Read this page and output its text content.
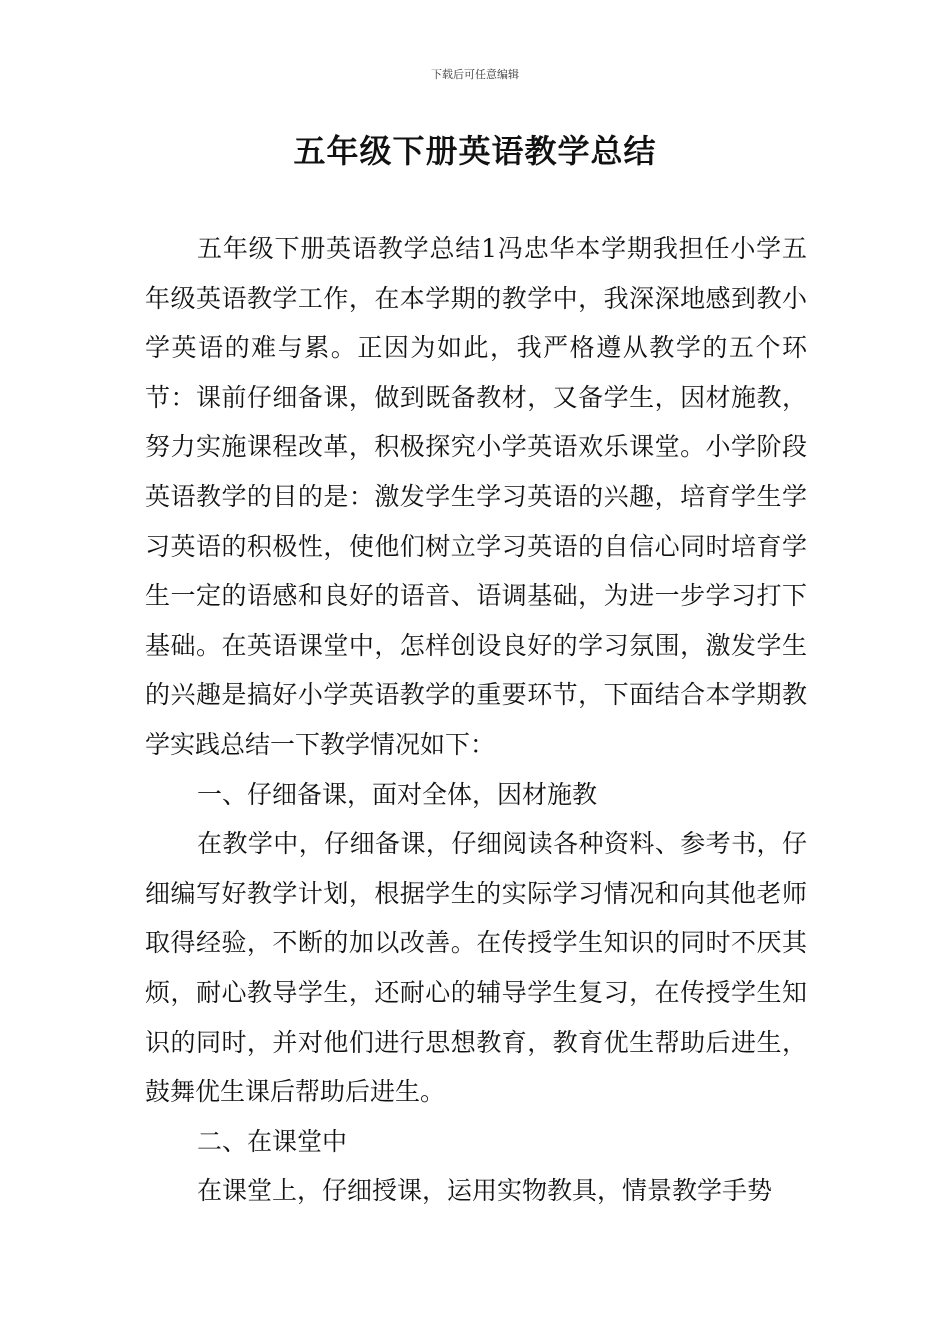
下载后可任意编辑
五年级下册英语教学总结

五年级下册英语教学总结1冯忠华本学期我担任小学五年级英语教学工作，在本学期的教学中，我深深地感到教小学英语的难与累。正因为如此，我严格遵从教学的五个环节：课前仔细备课，做到既备教材，又备学生，因材施教，努力实施课程改革，积极探究小学英语欢乐课堂。小学阶段英语教学的目的是：激发学生学习英语的兴趣，培育学生学习英语的积极性，使他们树立学习英语的自信心同时培育学生一定的语感和良好的语音、语调基础，为进一步学习打下基础。在英语课堂中，怎样创设良好的学习氛围，激发学生的兴趣是搞好小学英语教学的重要环节，下面结合本学期教学实践总结一下教学情况如下：

一、仔细备课，面对全体，因材施教

在教学中，仔细备课，仔细阅读各种资料、参考书，仔细编写好教学计划，根据学生的实际学习情况和向其他老师取得经验，不断的加以改善。在传授学生知识的同时不厌其烦，耐心教导学生，还耐心的辅导学生复习，在传授学生知识的同时，并对他们进行思想教育，教育优生帮助后进生，鼓舞优生课后帮助后进生。

二、在课堂中

在课堂上，仔细授课，运用实物教具，情景教学手势
